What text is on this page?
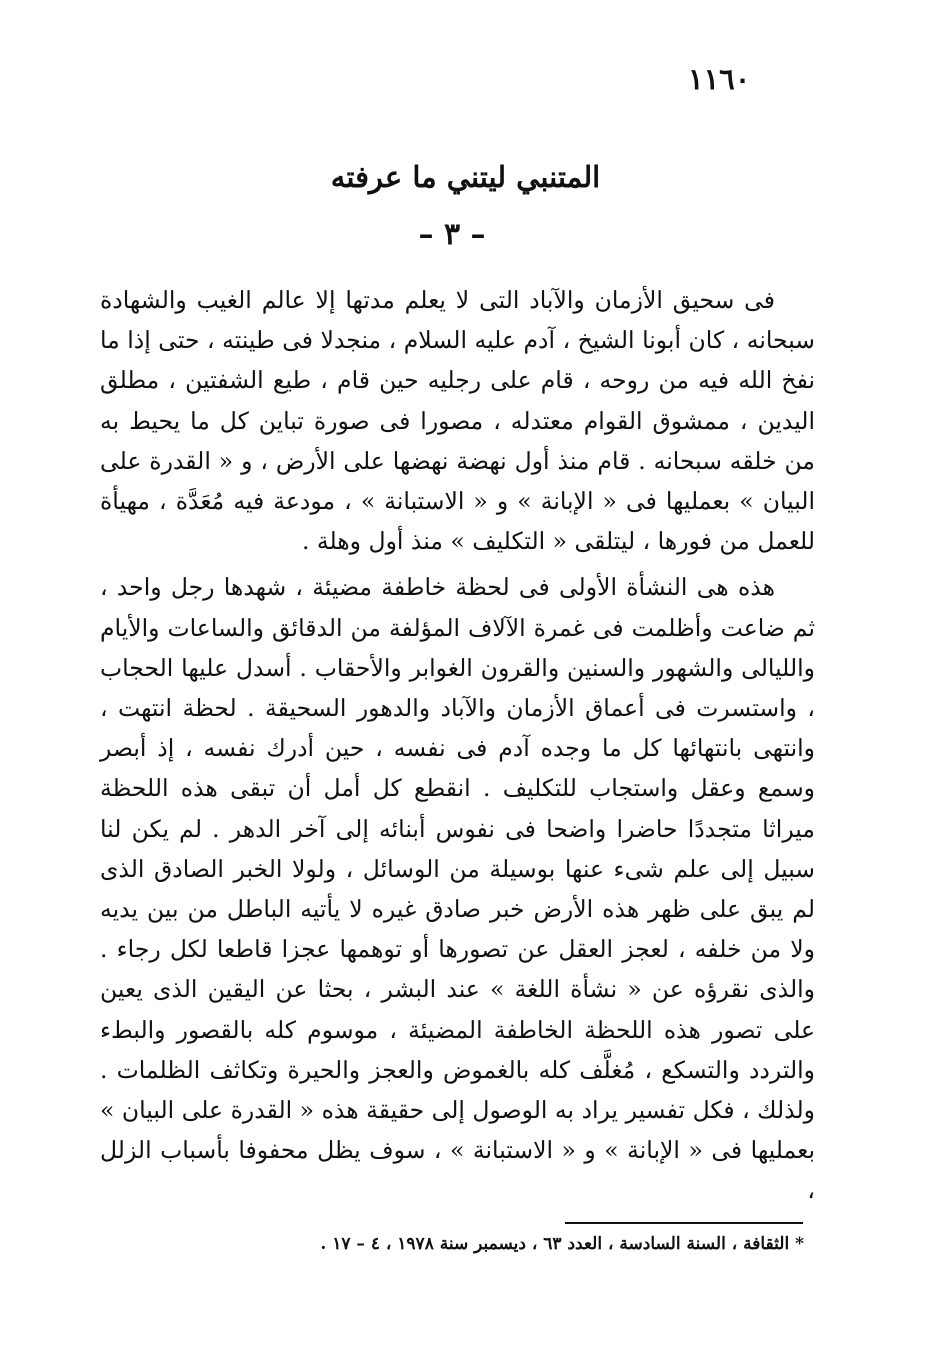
١١٦٠
المتنبي ليتني ما عرفته
– ٣ –

فى سحيق الأزمان والآباد التى لا يعلم مدتها إلا عالم الغيب والشهادة سبحانه ، كان أبونا الشيخ ، آدم عليه السلام ، منجدلا فى طينته ، حتى إذا ما نفخ الله فيه من روحه ، قام على رجليه حين قام ، طيع الشفتين ، مطلق اليدين ، ممشوق القوام معتدله ، مصورا فى صورة تباين كل ما يحيط به من خلقه سبحانه . قام منذ أول نهضة نهضها على الأرض ، و « القدرة على البيان » بعمليها فى « الإبانة » و « الاستبانة » ، مودعة فيه مُعَدَّة ، مهيأة للعمل من فورها ، ليتلقى « التكليف » منذ أول وهلة .

هذه هى النشأة الأولى فى لحظة خاطفة مضيئة ، شهدها رجل واحد ، ثم ضاعت وأظلمت فى غمرة الآلاف المؤلفة من الدقائق والساعات والأيام والليالى والشهور والسنين والقرون الغوابر والأحقاب . أسدل عليها الحجاب ، واستسرت فى أعماق الأزمان والآباد والدهور السحيقة . لحظة انتهت ، وانتهى بانتهائها كل ما وجده آدم فى نفسه ، حين أدرك نفسه ، إذ أبصر وسمع وعقل واستجاب للتكليف . انقطع كل أمل أن تبقى هذه اللحظة ميراثا متجددًا حاضرا واضحا فى نفوس أبنائه إلى آخر الدهر . لم يكن لنا سبيل إلى علم شىء عنها بوسيلة من الوسائل ، ولولا الخبر الصادق الذى لم يبق على ظهر هذه الأرض خبر صادق غيره لا يأتيه الباطل من بين يديه ولا من خلفه ، لعجز العقل عن تصورها أو توهمها عجزا قاطعا لكل رجاء . والذى نقرؤه عن « نشأة اللغة » عند البشر ، بحثا عن اليقين الذى يعين على تصور هذه اللحظة الخاطفة المضيئة ، موسوم كله بالقصور والبطء والتردد والتسكع ، مُغلَّف كله بالغموض والعجز والحيرة وتكاثف الظلمات . ولذلك ، فكل تفسير يراد به الوصول إلى حقيقة هذه « القدرة على البيان » بعمليها فى « الإبانة » و « الاستبانة » ، سوف يظل محفوفا بأسباب الزلل ،

* الثقافة ، السنة السادسة ، العدد ٦٣ ، ديسمبر سنة ١٩٧٨ ، ٤ – ١٧ .
